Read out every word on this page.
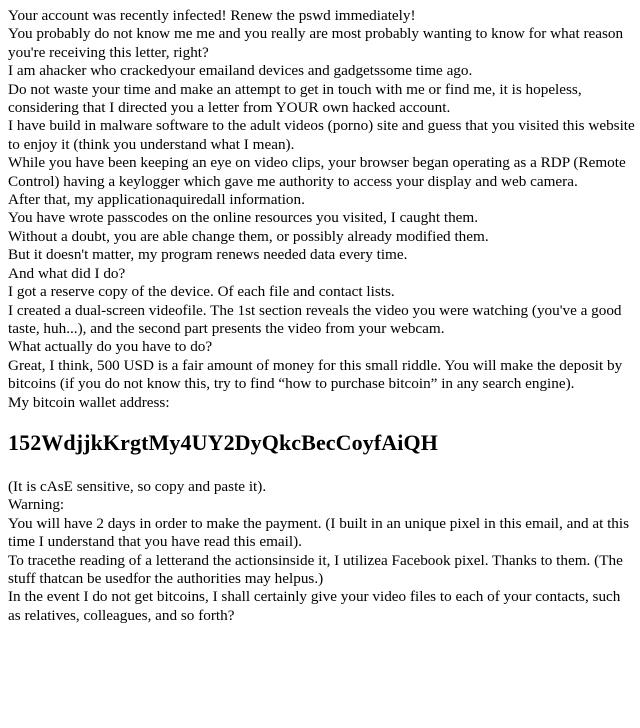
Your account was recently infected! Renew the pswd immediately!

You probably do not know me me and you really are most probably wanting to know for what reason you're receiving this letter, right?

I am ahacker who crackedyour emailand devices and gadgetssome time ago.

Do not waste your time and make an attempt to get in touch with me or find me, it is hopeless, considering that I directed you a letter from YOUR own hacked account.

I have build in malware software to the adult videos (porno) site and guess that you visited this website to enjoy it (think you understand what I mean).

While you have been keeping an eye on video clips, your browser began operating as a RDP (Remote Control) having a keylogger which gave me authority to access your display and web camera.

After that, my applicationaquiredall information.

You have wrote passcodes on the online resources you visited, I caught them.

Without a doubt, you are able change them, or possibly already modified them.

But it doesn't matter, my program renews needed data every time.

And what did I do?

I got a reserve copy of the device. Of each file and contact lists.

I created a dual-screen videofile. The 1st section reveals the video you were watching (you've a good taste, huh...), and the second part presents the video from your webcam.

What actually do you have to do?

Great, I think, 500 USD is a fair amount of money for this small riddle. You will make the deposit by bitcoins (if you do not know this, try to find “how to purchase bitcoin” in any search engine).

My bitcoin wallet address:

152WdjjkKrgtMy4UY2DyQkcBecCoyfAiQH

(It is cAsE sensitive, so copy and paste it).

Warning:

You will have 2 days in order to make the payment. (I built in an unique pixel in this email, and at this time I understand that you have read this email).

To tracethe reading of a letterand the actionsinside it, I utilizea Facebook pixel. Thanks to them. (The stuff thatcan be usedfor the authorities may helpus.)

In the event I do not get bitcoins, I shall certainly give your video files to each of your contacts, such as relatives, colleagues, and so forth?
